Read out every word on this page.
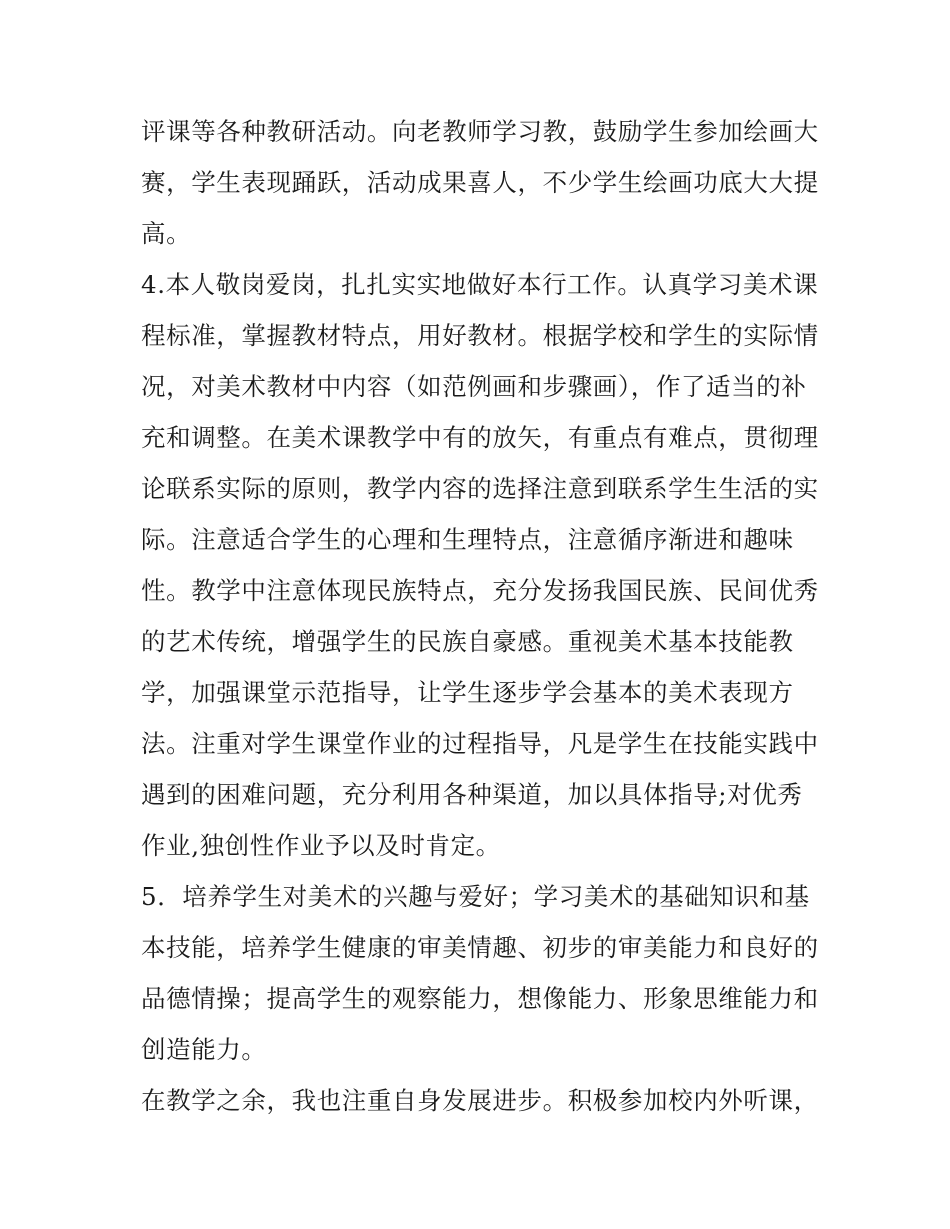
评课等各种教研活动。向老教师学习教，鼓励学生参加绘画大赛，学生表现踊跃，活动成果喜人，不少学生绘画功底大大提高。

4.本人敬岗爱岗，扎扎实实地做好本行工作。认真学习美术课程标准，掌握教材特点，用好教材。根据学校和学生的实际情况，对美术教材中内容（如范例画和步骤画），作了适当的补充和调整。在美术课教学中有的放矢，有重点有难点，贯彻理论联系实际的原则，教学内容的选择注意到联系学生生活的实际。注意适合学生的心理和生理特点，注意循序渐进和趣味性。教学中注意体现民族特点，充分发扬我国民族、民间优秀的艺术传统，增强学生的民族自豪感。重视美术基本技能教学，加强课堂示范指导，让学生逐步学会基本的美术表现方法。注重对学生课堂作业的过程指导，凡是学生在技能实践中遇到的困难问题，充分利用各种渠道，加以具体指导;对优秀作业,独创性作业予以及时肯定。

5．培养学生对美术的兴趣与爱好；学习美术的基础知识和基本技能，培养学生健康的审美情趣、初步的审美能力和良好的品德情操；提高学生的观察能力，想像能力、形象思维能力和创造能力。

在教学之余，我也注重自身发展进步。积极参加校内外听课，
